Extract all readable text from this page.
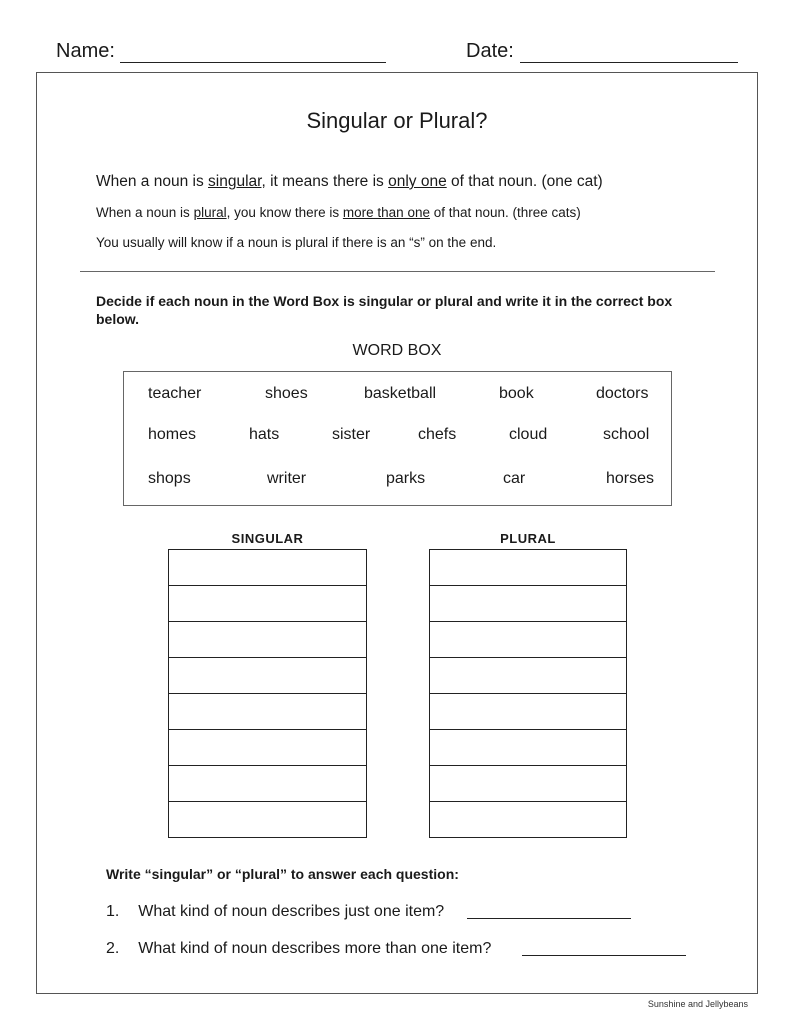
Name:	Date:
Singular or Plural?
When a noun is singular, it means there is only one of that noun. (one cat)
When a noun is plural, you know there is more than one of that noun. (three cats)
You usually will know if a noun is plural if there is an “s” on the end.
Decide if each noun in the Word Box is singular or plural and write it in the correct box below.
WORD BOX
teacher	shoes	basketball	book	doctors
homes	hats	sister	chefs	cloud	school
shops	writer	parks	car	horses
SINGULAR	PLURAL
Write “singular” or “plural” to answer each question:
1. What kind of noun describes just one item?
2. What kind of noun describes more than one item?
Sunshine and Jellybeans
